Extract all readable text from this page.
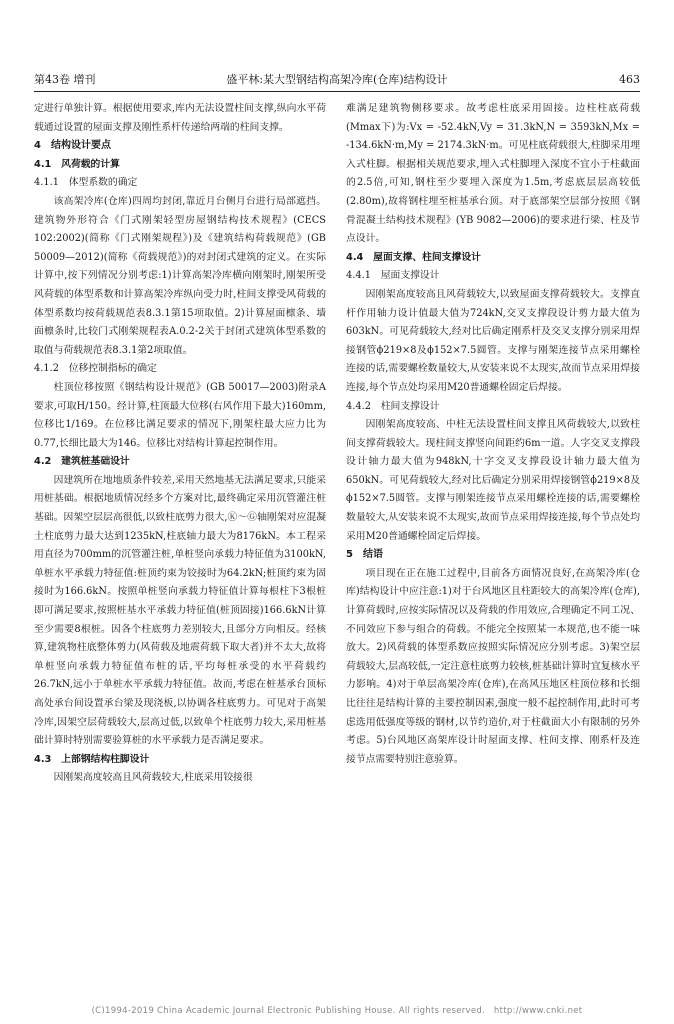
第43卷 增刊	盛平林:某大型钢结构高架冷库(仓库)结构设计	463

定进行单独计算。根据使用要求,库内无法设置柱间支撑,纵向水平荷载通过设置的屋面支撑及刚性系杆传递给两端的柱间支撑。

4　结构设计要点
4.1　风荷载的计算
4.1.1　体型系数的确定

该高架冷库(仓库)四周均封闭,靠近月台侧月台进行局部遮挡。建筑物外形符合《门式刚架轻型房屋钢结构技术规程》(CECS 102:2002)(简称《门式刚架规程》)及《建筑结构荷载规范》(GB 50009—2012)(简称《荷载规范》)的对封闭式建筑的定义。在实际计算中,按下列情况分别考虑:1)计算高架冷库横向刚架时,刚架所受风荷载的体型系数和计算高架冷库纵向受力时,柱间支撑受风荷载的体型系数均按荷载规范表8.3.1第15项取值。2)计算屋面檩条、墙面檩条时,比较门式刚架规程表A.0.2-2关于封闭式建筑体型系数的取值与荷载规范表8.3.1第2项取值。

4.1.2　位移控制指标的确定

柱顶位移按照《钢结构设计规范》(GB 50017—2003)附录A要求,可取H/150。经计算,柱顶最大位移(右风作用下最大)160mm,位移比1/169。在位移比满足要求的情况下,刚架柱最大应力比为0.77,长细比最大为146。位移比对结构计算起控制作用。

4.2　建筑桩基础设计

因建筑所在地地质条件较差,采用天然地基无法满足要求,只能采用桩基础。根据地质情况经多个方案对比,最终确定采用沉管灌注桩基础。因架空层层高很低,以致柱底剪力很大,Ⓚ～Ⓖ轴刚架对应混凝土柱底剪力最大达到1235kN,柱底轴力最大为8176kN。本工程采用直径为700mm的沉管灌注桩,单桩竖向承载力特征值为3100kN,单桩水平承载力特征值:桩顶约束为铰接时为64.2kN;桩顶约束为固接时为166.6kN。按照单桩竖向承载力特征值计算每根柱下3根桩即可满足要求,按照桩基水平承载力特征值(桩顶固接)166.6kN计算至少需要8根桩。因各个柱底剪力差别较大,且部分方向相反。经核算,建筑物柱底整体剪力(风荷载及地震荷载下取大者)并不太大,故将单桩竖向承载力特征值布桩的话,平均每桩承受的水平荷载约26.7kN,远小于单桩水平承载力特征值。故而,考虑在桩基承台顶标高处承台间设置承台梁及现浇板,以协调各柱底剪力。可见对于高架冷库,因架空层荷载较大,层高过低,以致单个柱底剪力较大,采用桩基础计算时特别需要验算桩的水平承载力是否满足要求。

4.3　上部钢结构柱脚设计

因刚架高度较高且风荷载较大,柱底采用铰接很

难满足建筑物侧移要求。故考虑柱底采用固接。边柱柱底荷载(Mmax下)为:Vx = -52.4kN,Vy = 31.3kN,N = 3593kN,Mx = -134.6kN·m,My = 2174.3kN·m。可见柱底荷载很大,柱脚采用埋入式柱脚。根据相关规范要求,埋入式柱脚埋入深度不宜小于柱截面的2.5倍,可知,钢柱至少要埋入深度为1.5m,考虑底层层高较低(2.80m),故将钢柱埋至桩基承台顶。对于底部架空层部分按照《钢骨混凝土结构技术规程》(YB 9082—2006)的要求进行梁、柱及节点设计。

4.4　屋面支撑、柱间支撑设计
4.4.1　屋面支撑设计

因刚架高度较高且风荷载较大,以致屋面支撑荷载较大。支撑直杆作用轴力设计值最大值为724kN,交叉支撑段设计剪力最大值为603kN。可见荷载较大,经对比后确定刚系杆及交叉支撑分别采用焊接钢管ϕ219×8及ϕ152×7.5圆管。支撑与刚架连接节点采用螺栓连接的话,需要螺栓数量较大,从安装来说不太现实,故而节点采用焊接连接,每个节点处均采用M20普通螺栓固定后焊接。

4.4.2　柱间支撑设计

因刚架高度较高、中柱无法设置柱间支撑且风荷载较大,以致柱间支撑荷载较大。现柱间支撑竖向间距约6m一道。人字交叉支撑段设计轴力最大值为948kN,十字交叉支撑段设计轴力最大值为650kN。可见荷载较大,经对比后确定分别采用焊接钢管ϕ219×8及ϕ152×7.5圆管。支撑与刚架连接节点采用螺栓连接的话,需要螺栓数量较大,从安装来说不太现实,故而节点采用焊接连接,每个节点处均采用M20普通螺栓固定后焊接。

5　结语

项目现在正在施工过程中,目前各方面情况良好,在高架冷库(仓库)结构设计中应注意:1)对于台风地区且柱距较大的高架冷库(仓库),计算荷载时,应按实际情况以及荷载的作用效应,合理确定不同工况、不同效应下参与组合的荷载。不能完全按照某一本规范,也不能一味放大。2)风荷载的体型系数应按照实际情况应分别考虑。3)架空层荷载较大,层高较低,一定注意柱底剪力较核,桩基础计算时宜复核水平力影响。4)对于单层高架冷库(仓库),在高风压地区柱顶位移和长细比往往是结构计算的主要控制因素,强度一般不起控制作用,此时可考虑选用低强度等级的钢材,以节约造价,对于柱截面大小有限制的另外考虑。5)台风地区高架库设计时屋面支撑、柱间支撑、刚系杆及连接节点需要特别注意验算。

(C)1994-2019 China Academic Journal Electronic Publishing House. All rights reserved.　http://www.cnki.net
